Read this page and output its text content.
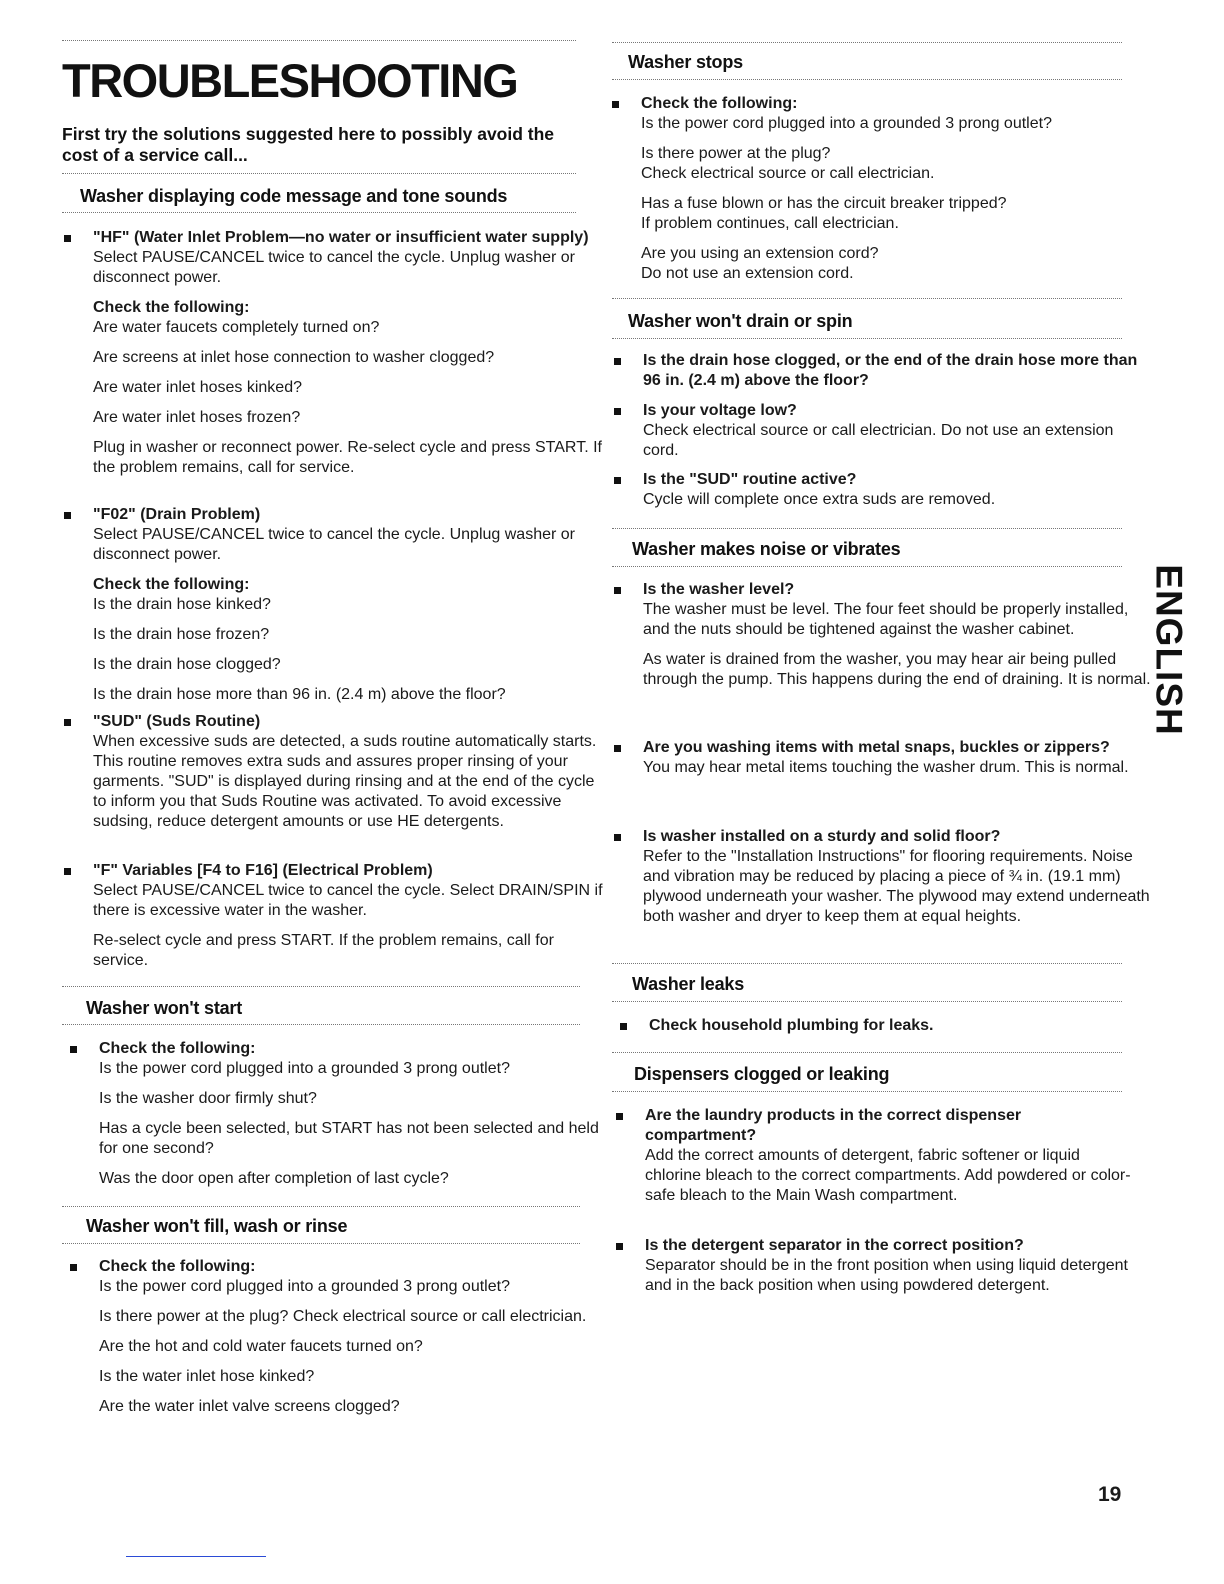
TROUBLESHOOTING

First try the solutions suggested here to possibly avoid the cost of a service call...

Washer displaying code message and tone sounds

"HF" (Water Inlet Problem—no water or insufficient water supply)

Select PAUSE/CANCEL twice to cancel the cycle. Unplug washer or disconnect power.

Check the following:

Are water faucets completely turned on?

Are screens at inlet hose connection to washer clogged?

Are water inlet hoses kinked?

Are water inlet hoses frozen?

Plug in washer or reconnect power. Re-select cycle and press START. If the problem remains, call for service.

"F02" (Drain Problem)

Select PAUSE/CANCEL twice to cancel the cycle. Unplug washer or disconnect power.

Check the following:

Is the drain hose kinked?

Is the drain hose frozen?

Is the drain hose clogged?

Is the drain hose more than 96 in. (2.4 m) above the floor?

"SUD" (Suds Routine)

When excessive suds are detected, a suds routine automatically starts. This routine removes extra suds and assures proper rinsing of your garments. "SUD" is displayed during rinsing and at the end of the cycle to inform you that Suds Routine was activated. To avoid excessive sudsing, reduce detergent amounts or use HE detergents.

"F" Variables [F4 to F16] (Electrical Problem)

Select PAUSE/CANCEL twice to cancel the cycle. Select DRAIN/SPIN if there is excessive water in the washer.

Re-select cycle and press START. If the problem remains, call for service.

Washer won't start

Check the following:

Is the power cord plugged into a grounded 3 prong outlet?

Is the washer door firmly shut?

Has a cycle been selected, but START has not been selected and held for one second?

Was the door open after completion of last cycle?

Washer won't fill, wash or rinse

Check the following:

Is the power cord plugged into a grounded 3 prong outlet?

Is there power at the plug? Check electrical source or call electrician.

Are the hot and cold water faucets turned on?

Is the water inlet hose kinked?

Are the water inlet valve screens clogged?

Washer stops

Check the following:

Is the power cord plugged into a grounded 3 prong outlet?

Is there power at the plug?
Check electrical source or call electrician.

Has a fuse blown or has the circuit breaker tripped?
If problem continues, call electrician.

Are you using an extension cord?
Do not use an extension cord.

Washer won't drain or spin

Is the drain hose clogged, or the end of the drain hose more than 96 in. (2.4 m) above the floor?

Is your voltage low?

Check electrical source or call electrician. Do not use an extension cord.

Is the "SUD" routine active?

Cycle will complete once extra suds are removed.

Washer makes noise or vibrates

Is the washer level?

The washer must be level. The four feet should be properly installed, and the nuts should be tightened against the washer cabinet.

As water is drained from the washer, you may hear air being pulled through the pump. This happens during the end of draining. It is normal.

Are you washing items with metal snaps, buckles or zippers?

You may hear metal items touching the washer drum. This is normal.

Is washer installed on a sturdy and solid floor?

Refer to the "Installation Instructions" for flooring requirements. Noise and vibration may be reduced by placing a piece of ¾ in. (19.1 mm) plywood underneath your washer. The plywood may extend underneath both washer and dryer to keep them at equal heights.

Washer leaks

Check household plumbing for leaks.

Dispensers clogged or leaking

Are the laundry products in the correct dispenser compartment?

Add the correct amounts of detergent, fabric softener or liquid chlorine bleach to the correct compartments. Add powdered or color-safe bleach to the Main Wash compartment.

Is the detergent separator in the correct position?

Separator should be in the front position when using liquid detergent and in the back position when using powdered detergent.

ENGLISH
19
